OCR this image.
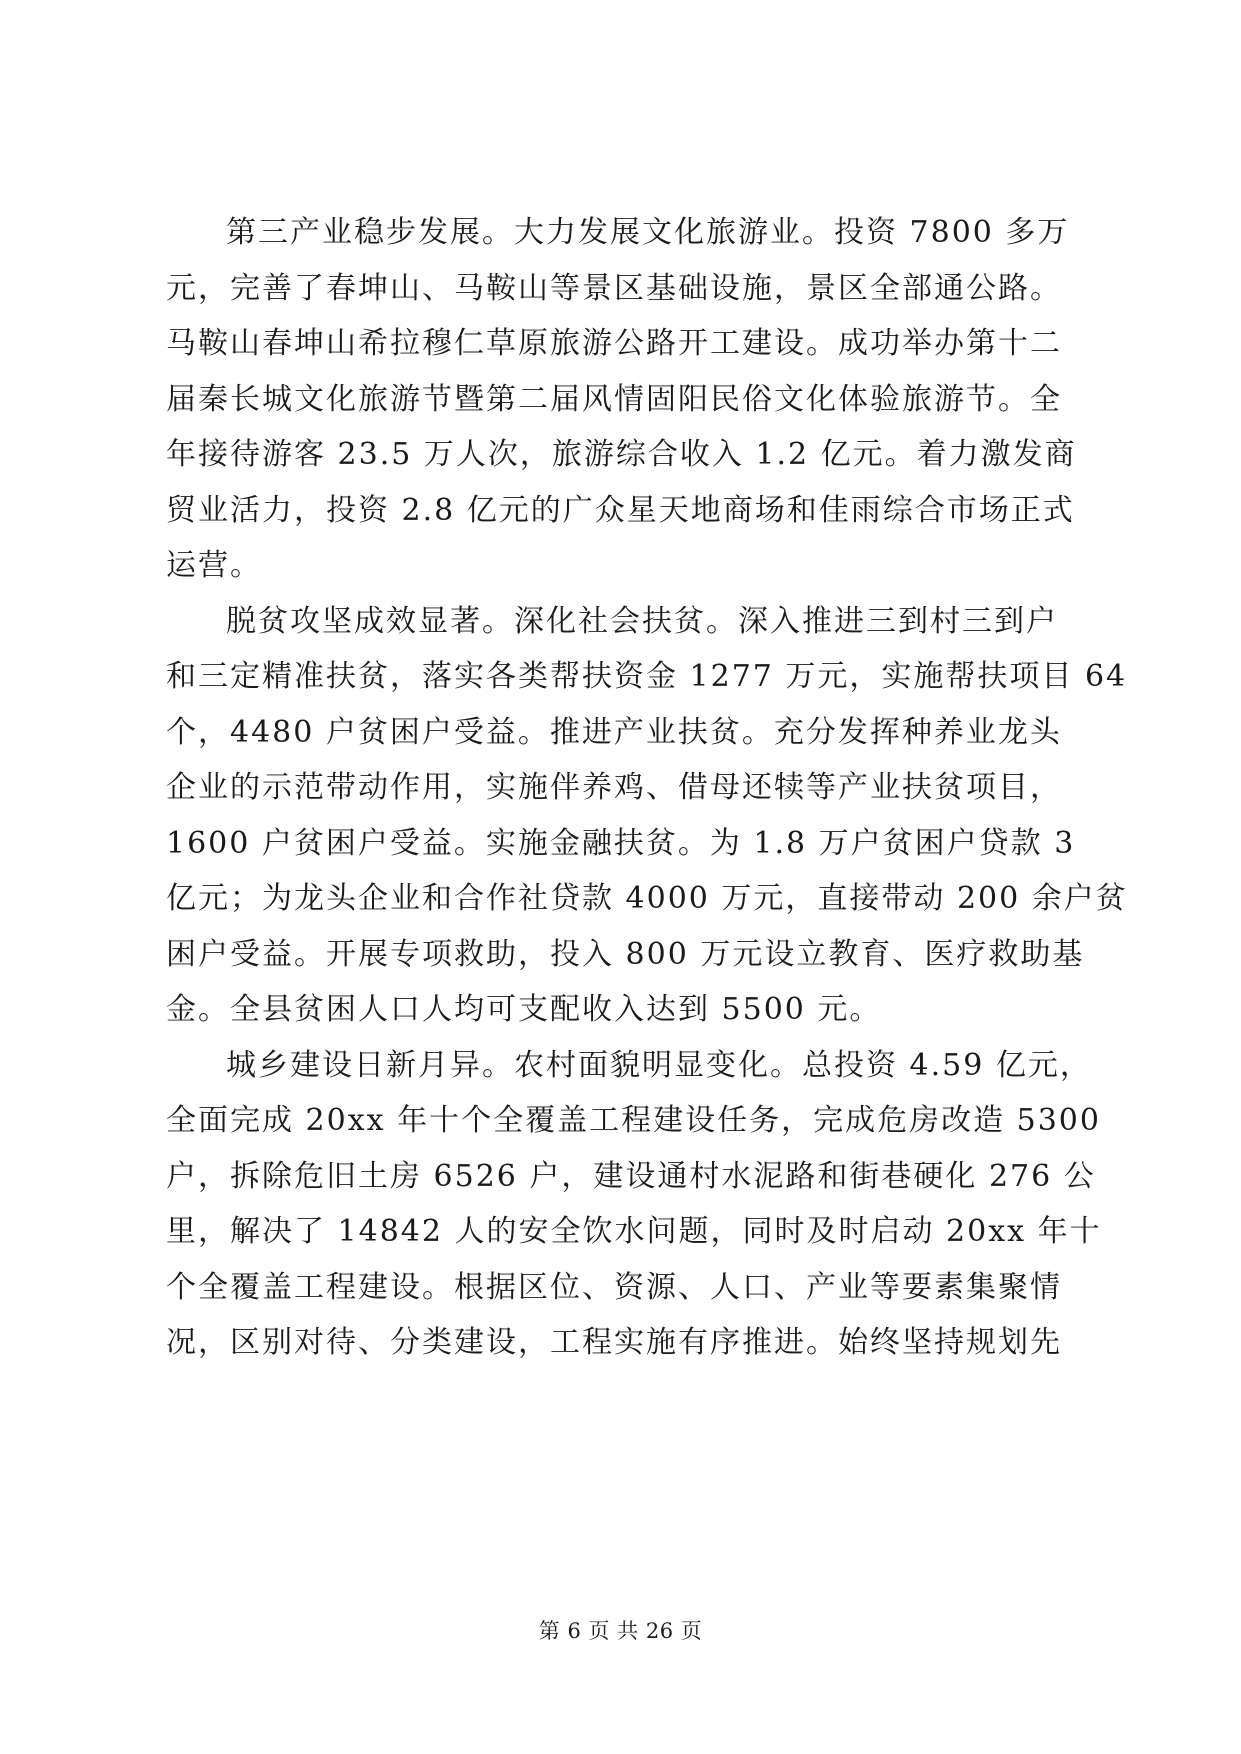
第三产业稳步发展。大力发展文化旅游业。投资 7800 多万
元，完善了春坤山、马鞍山等景区基础设施，景区全部通公路。
马鞍山春坤山希拉穆仁草原旅游公路开工建设。成功举办第十二
届秦长城文化旅游节暨第二届风情固阳民俗文化体验旅游节。全
年接待游客 23.5 万人次，旅游综合收入 1.2 亿元。着力激发商
贸业活力，投资 2.8 亿元的广众星天地商场和佳雨综合市场正式
运营。
脱贫攻坚成效显著。深化社会扶贫。深入推进三到村三到户
和三定精准扶贫，落实各类帮扶资金 1277 万元，实施帮扶项目 64
个，4480 户贫困户受益。推进产业扶贫。充分发挥种养业龙头
企业的示范带动作用，实施伴养鸡、借母还犊等产业扶贫项目，
1600 户贫困户受益。实施金融扶贫。为 1.8 万户贫困户贷款 3
亿元；为龙头企业和合作社贷款 4000 万元，直接带动 200 余户贫
困户受益。开展专项救助，投入 800 万元设立教育、医疗救助基
金。全县贫困人口人均可支配收入达到 5500 元。
城乡建设日新月异。农村面貌明显变化。总投资 4.59 亿元，
全面完成 20xx 年十个全覆盖工程建设任务，完成危房改造 5300
户，拆除危旧土房 6526 户，建设通村水泥路和街巷硬化 276 公
里，解决了 14842 人的安全饮水问题，同时及时启动 20xx 年十
个全覆盖工程建设。根据区位、资源、人口、产业等要素集聚情
况，区别对待、分类建设，工程实施有序推进。始终坚持规划先
第 6 页 共 26 页
